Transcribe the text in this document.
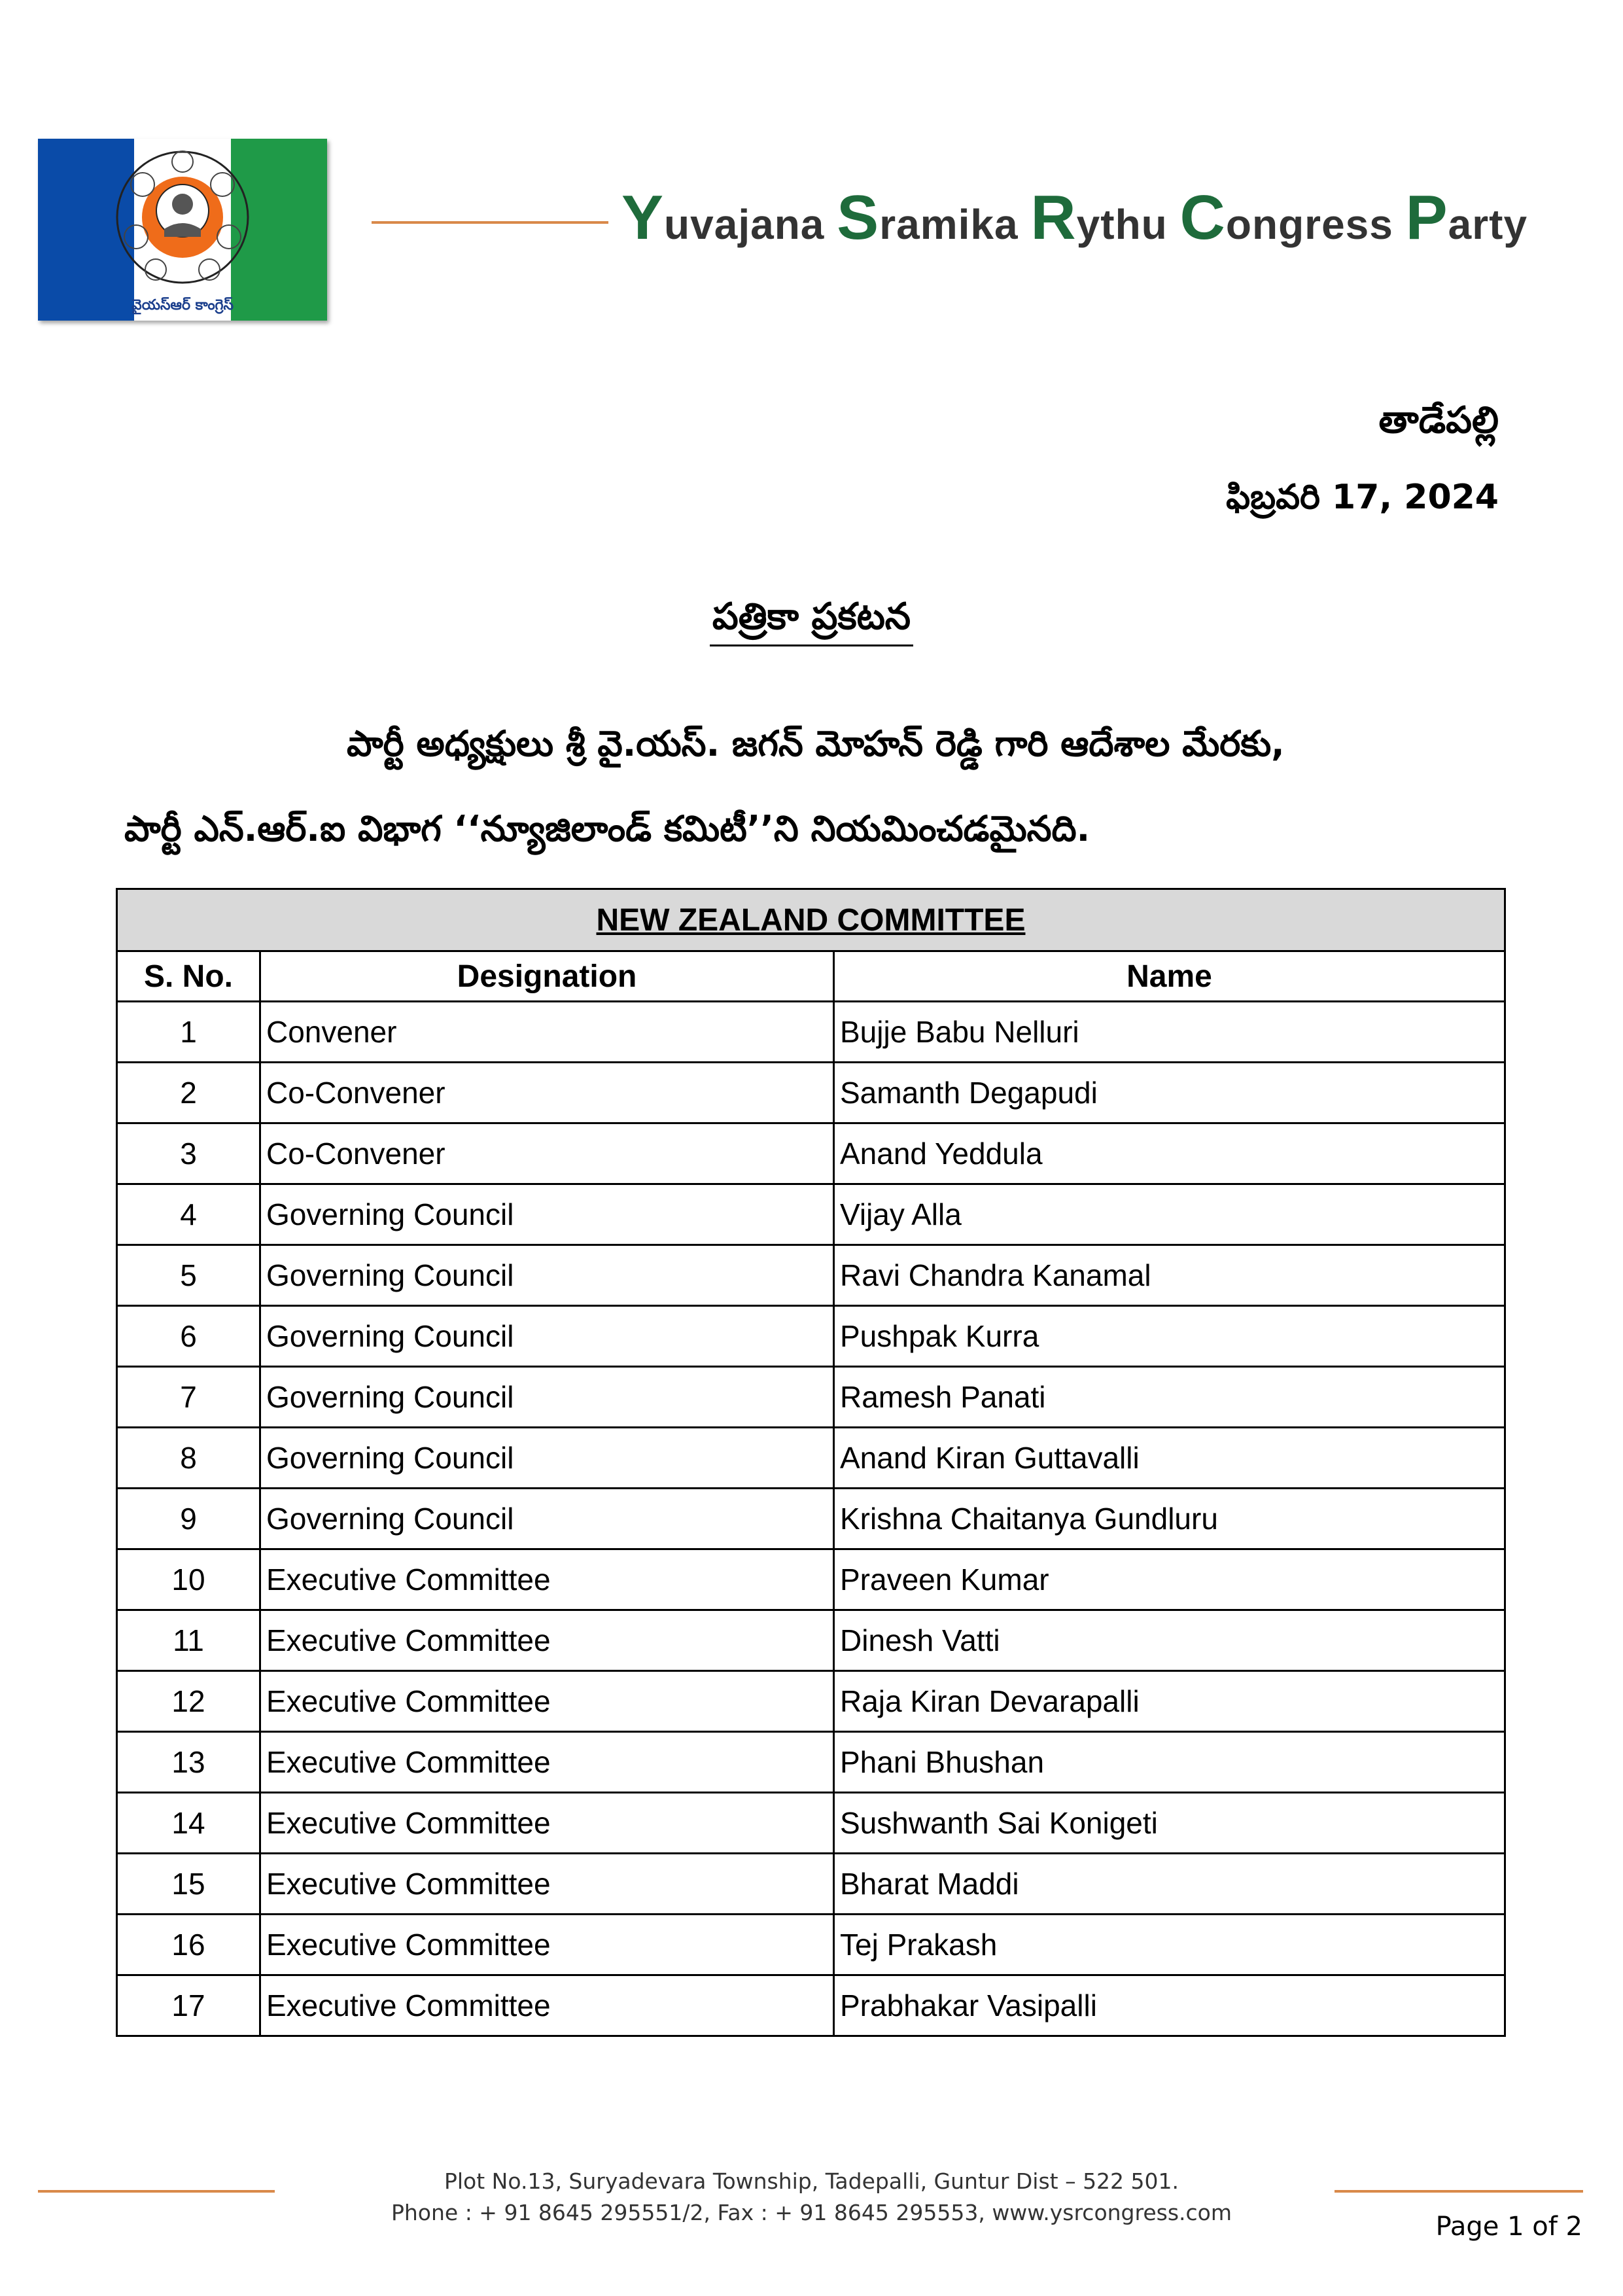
వైయస్ఆర్ కాంగ్రెస్
Yuvajana Sramika Rythu Congress Party
తాడేపల్లి
ఫిబ్రవరి 17, 2024
పత్రికా ప్రకటన
పార్టీ అధ్యక్షులు శ్రీ వై.యస్. జగన్ మోహన్ రెడ్డి గారి ఆదేశాల మేరకు,
పార్టీ ఎన్.ఆర్.ఐ విభాగ ‘‘న్యూజిలాండ్ కమిటీ’’ని నియమించడమైనది.
NEW ZEALAND COMMITTEE		
S. No.	Designation	Name
1	Convener	Bujje Babu Nelluri
2	Co-Convener	Samanth Degapudi
3	Co-Convener	Anand Yeddula
4	Governing Council	Vijay Alla
5	Governing Council	Ravi Chandra Kanamal
6	Governing Council	Pushpak Kurra
7	Governing Council	Ramesh Panati
8	Governing Council	Anand Kiran Guttavalli
9	Governing Council	Krishna Chaitanya Gundluru
10	Executive Committee	Praveen Kumar
11	Executive Committee	Dinesh Vatti
12	Executive Committee	Raja Kiran Devarapalli
13	Executive Committee	Phani Bhushan
14	Executive Committee	Sushwanth Sai Konigeti
15	Executive Committee	Bharat Maddi
16	Executive Committee	Tej Prakash
17	Executive Committee	Prabhakar Vasipalli
Plot No.13, Suryadevara Township, Tadepalli, Guntur Dist – 522 501.
Phone : + 91 8645 295551/2, Fax : + 91 8645 295553, www.ysrcongress.com	Page 1 of 2
